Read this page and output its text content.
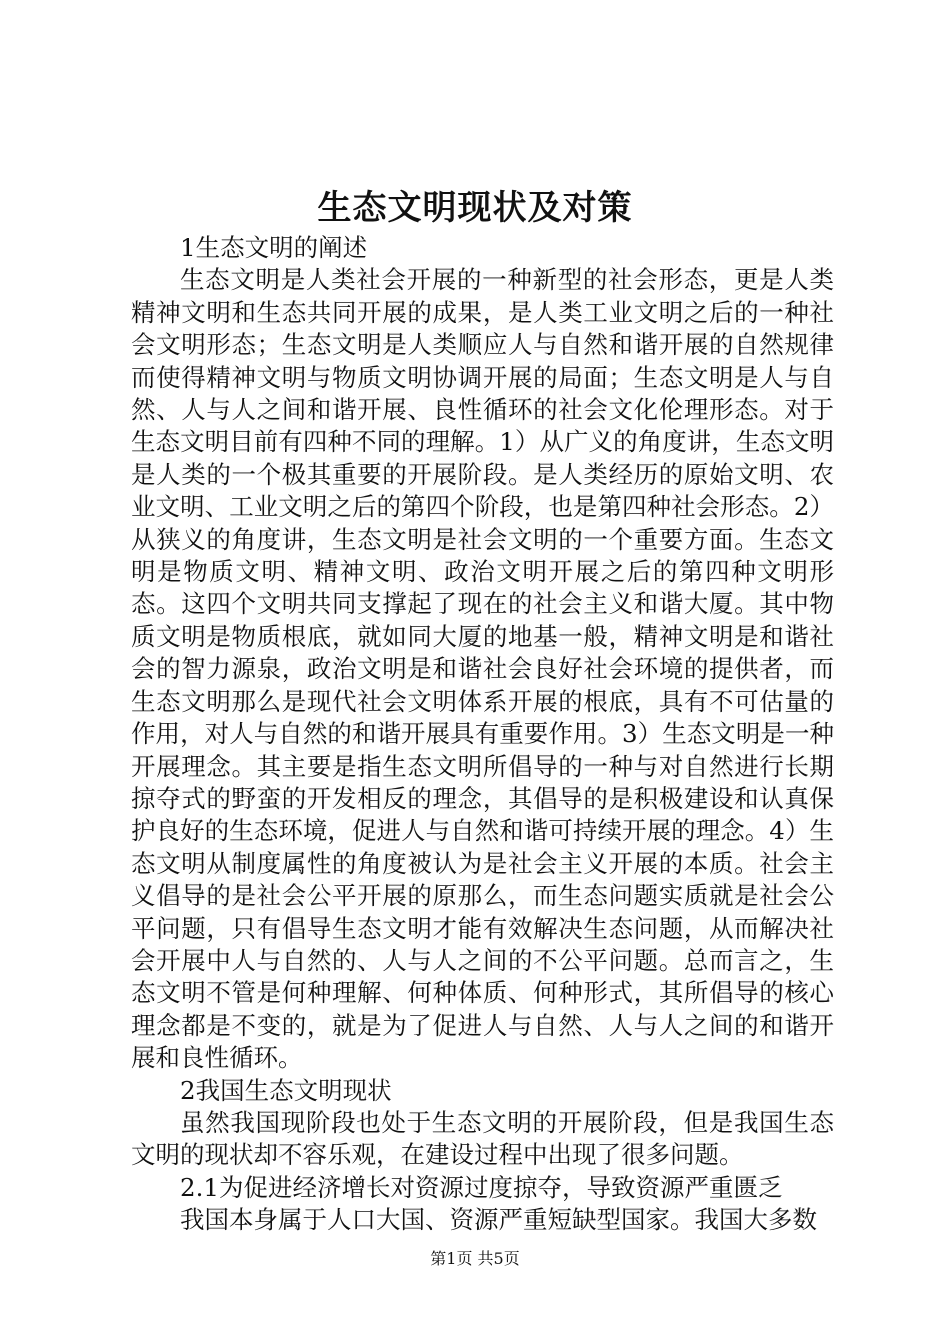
生态文明现状及对策

1生态文明的阐述

生态文明是人类社会开展的一种新型的社会形态，更是人类精神文明和生态共同开展的成果，是人类工业文明之后的一种社会文明形态；生态文明是人类顺应人与自然和谐开展的自然规律而使得精神文明与物质文明协调开展的局面；生态文明是人与自然、人与人之间和谐开展、良性循环的社会文化伦理形态。对于生态文明目前有四种不同的理解。1）从广义的角度讲，生态文明是人类的一个极其重要的开展阶段。是人类经历的原始文明、农业文明、工业文明之后的第四个阶段，也是第四种社会形态。2）从狭义的角度讲，生态文明是社会文明的一个重要方面。生态文明是物质文明、精神文明、政治文明开展之后的第四种文明形态。这四个文明共同支撑起了现在的社会主义和谐大厦。其中物质文明是物质根底，就如同大厦的地基一般，精神文明是和谐社会的智力源泉，政治文明是和谐社会良好社会环境的提供者，而生态文明那么是现代社会文明体系开展的根底，具有不可估量的作用，对人与自然的和谐开展具有重要作用。3）生态文明是一种开展理念。其主要是指生态文明所倡导的一种与对自然进行长期掠夺式的野蛮的开发相反的理念，其倡导的是积极建设和认真保护良好的生态环境，促进人与自然和谐可持续开展的理念。4）生态文明从制度属性的角度被认为是社会主义开展的本质。社会主义倡导的是社会公平开展的原那么，而生态问题实质就是社会公平问题，只有倡导生态文明才能有效解决生态问题，从而解决社会开展中人与自然的、人与人之间的不公平问题。总而言之，生态文明不管是何种理解、何种体质、何种形式，其所倡导的核心理念都是不变的，就是为了促进人与自然、人与人之间的和谐开展和良性循环。

2我国生态文明现状

虽然我国现阶段也处于生态文明的开展阶段，但是我国生态文明的现状却不容乐观，在建设过程中出现了很多问题。

2.1为促进经济增长对资源过度掠夺，导致资源严重匮乏

我国本身属于人口大国、资源严重短缺型国家。我国大多数

第1页 共5页
